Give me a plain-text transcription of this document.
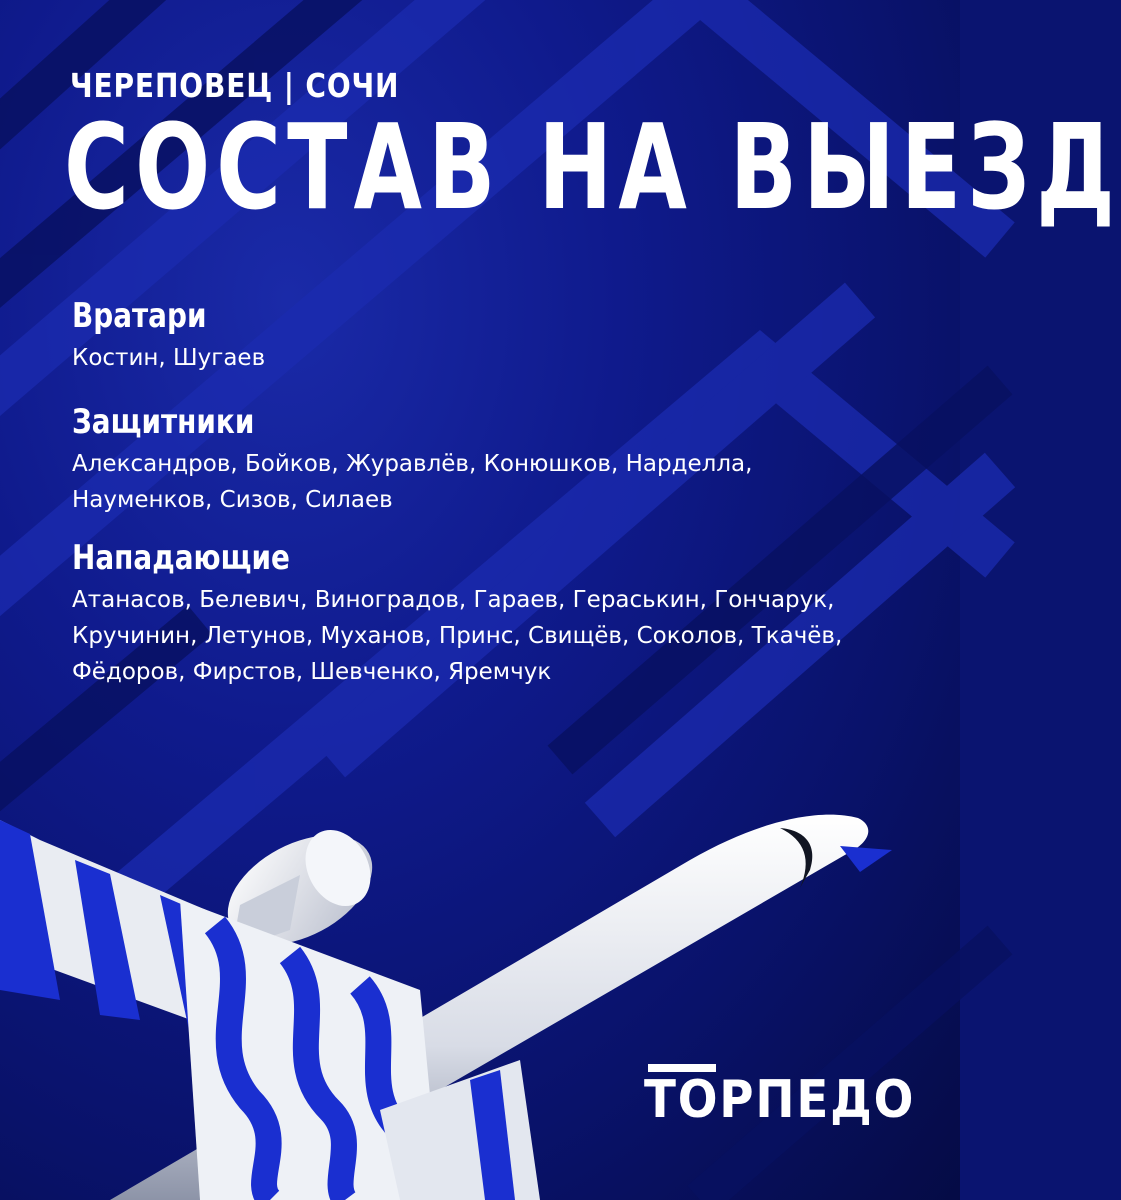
ЧЕРЕПОВЕЦ | СОЧИ
СОСТАВ НА ВЫЕЗД
Вратари

Костин, Шугаев

Защитники

Александров, Бойков, Журавлёв, Конюшков, Нарделла, Науменков, Сизов, Силаев

Нападающие

Атанасов, Белевич, Виноградов, Гараев, Гераськин, Гончарук, Кручинин, Летунов, Муханов, Принс, Свищёв, Соколов, Ткачёв, Фёдоров, Фирстов, Шевченко, Яремчук

ТОРПЕДО
